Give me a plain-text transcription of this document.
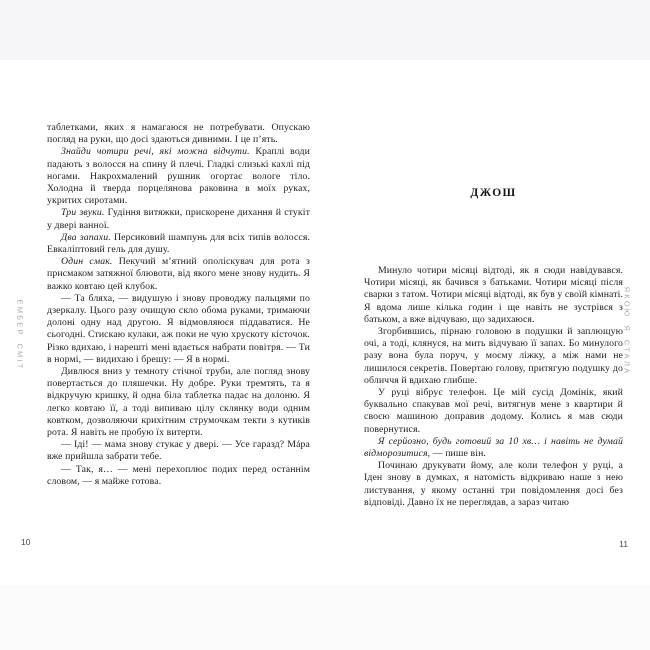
ЕМБЕР СМІТ

таблетками, яких я намагаюся не потребувати. Опускаю погляд на руки, що досі здаються дивними. І це п’ять.

Знайди чотири речі, які можна відчути. Краплі води падають з волосся на спину й плечі. Гладкі слизькі кахлі під ногами. Накрохмалений рушник огортає вологе тіло. Холодна й тверда порцелянова раковина в моїх руках, укритих сиротами.

Три звуки. Гудіння витяжки, прискорене дихання й стукіт у двері ванної.

Два запахи. Персиковий шампунь для всіх типів волосся. Евкаліптовий гель для душу.

Один смак. Пекучий м’ятний ополіскувач для рота з присмаком затяжної блювоти, від якого мене знову нудить. Я важко ковтаю цей клубок.

— Та бляха, — видушую і знову проводжу пальцями по дзеркалу. Цього разу очищую скло обома руками, тримаючи долоні одну над другою. Я відмовляюся піддаватися. Не сьогодні. Стискаю кулаки, аж поки не чую хрускоту кісточок. Різко вдихаю, і нарешті мені вдається набрати повітря. — Ти в нормі, — видихаю і брешу: — Я в нормі.

Дивлюся вниз у темноту стічної труби, але погляд знову повертається до пляшечки. Ну добре. Руки тремтять, та я відкручую кришку, й одна біла таблетка падає на долоню. Я легко ковтаю її, а тоді випиваю цілу склянку води одним ковтком, дозволяючи крихітним струмочкам текти з кутиків рота. Я навіть не пробую їх витерти.

— Іді! — мама знову стукає у двері. — Усе гаразд? Мáра вже прийшла забрати тебе.

— Так, я… — мені перехоплює подих перед останнім словом, — я майже готова.

10
ДЖОШ

Минуло чотири місяці відтоді, як я сюди навідувався. Чотири місяці, як бачився з батьками. Чотири місяці після сварки з татом. Чотири місяці відтоді, як був у своїй кімнаті. Я вдома лише кілька годин і ще навіть не зустрівся з батьком, а вже відчуваю, що задихаюся.

Згорбившись, пірнаю головою в подушки й заплющую очі, а тоді, клянуся, на мить відчуваю її запах. Бо минулого разу вона була поруч, у моєму ліжку, а між нами не лишилося секретів. Повертаю голову, притягую подушку до обличчя й вдихаю глибше.

У руці вібрує телефон. Це мій сусід Домінік, який буквально спакував мої речі, витягнув мене з квартири й своєю машиною доправив додому. Колись я мав сюди повернутися.

Я серйозно, будь готовий за 10 хв… і навіть не думай відморозитися, — пише він.

Починаю друкувати йому, але коли телефон у руці, а Іден знову в думках, я натомість відкриваю наше з нею листування, у якому останні три повідомлення досі без відповіді. Давно їх не переглядав, а зараз читаю

11
ЯКОЮ Я СТАЛА
